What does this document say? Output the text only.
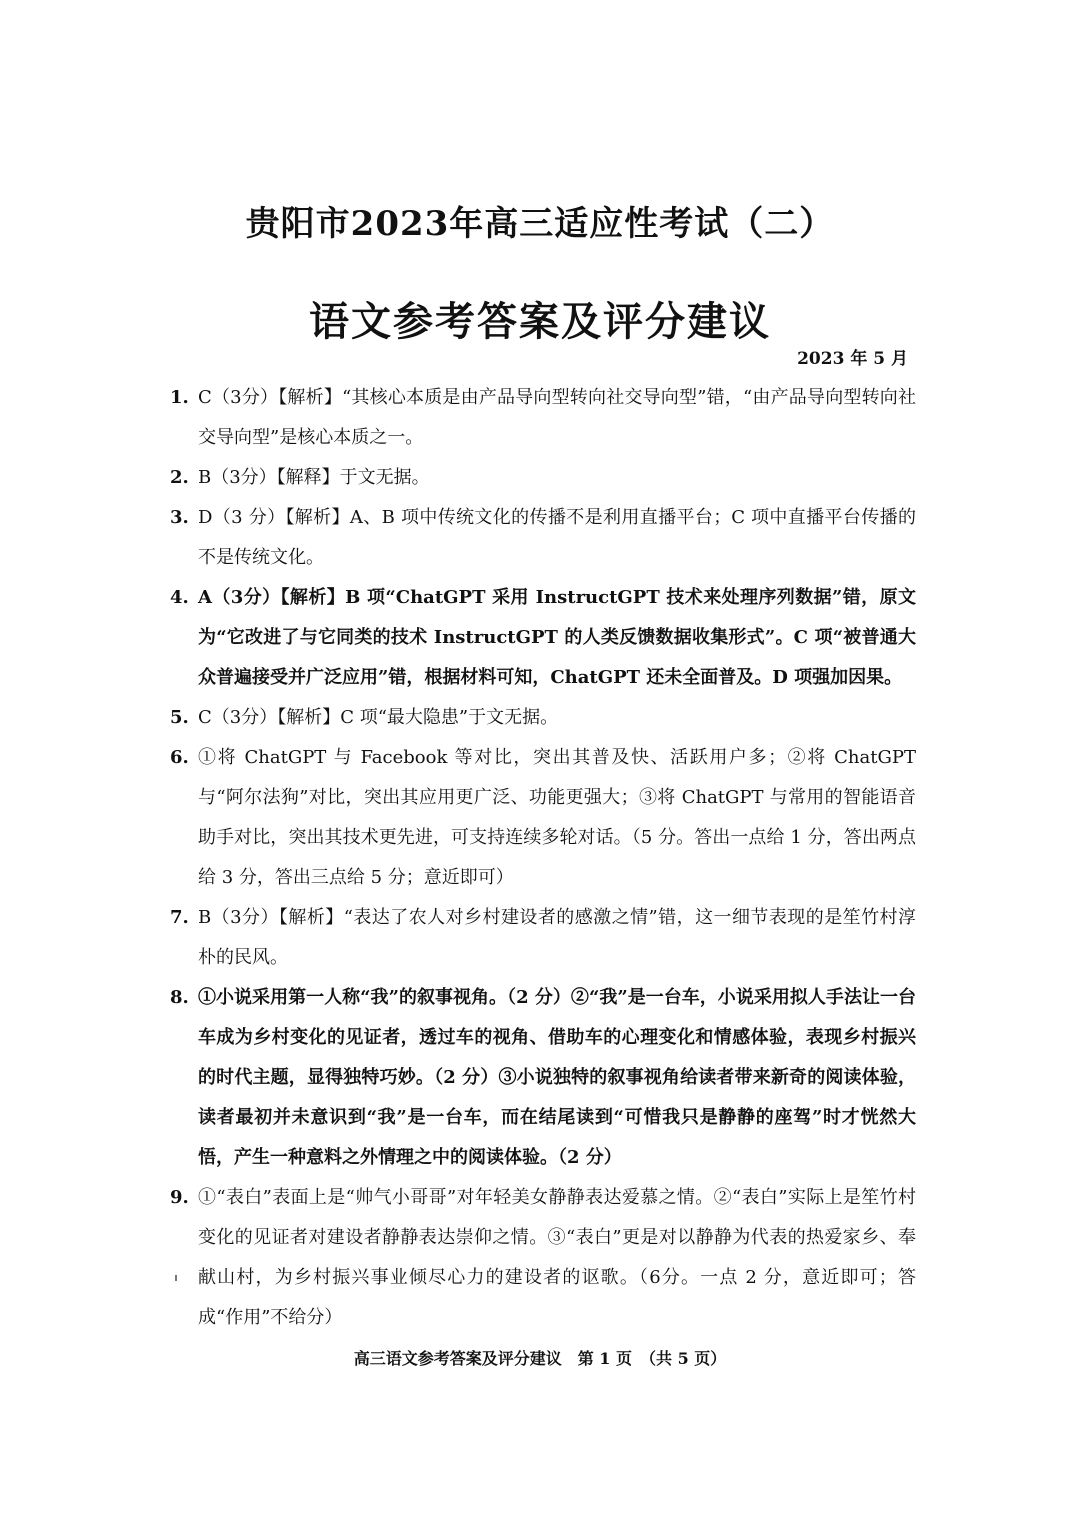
贵阳市2023年高三适应性考试（二）
语文参考答案及评分建议
2023 年 5 月
1. C（3分）【解析】“其核心本质是由产品导向型转向社交导向型”错，“由产品导向型转向社交导向型”是核心本质之一。
2. B（3分）【解释】于文无据。
3. D（3 分）【解析】A、B 项中传统文化的传播不是利用直播平台；C 项中直播平台传播的不是传统文化。
4. A（3分）【解析】B 项“ChatGPT 采用 InstructGPT 技术来处理序列数据”错，原文为“它改进了与它同类的技术 InstructGPT 的人类反馈数据收集形式”。C 项“被普通大众普遍接受并广泛应用”错，根据材料可知，ChatGPT 还未全面普及。D 项强加因果。
5. C（3分）【解析】C 项“最大隐患”于文无据。
6. ①将 ChatGPT 与 Facebook 等对比，突出其普及快、活跃用户多；②将 ChatGPT 与“阿尔法狗”对比，突出其应用更广泛、功能更强大；③将 ChatGPT 与常用的智能语音助手对比，突出其技术更先进，可支持连续多轮对话。（5 分。答出一点给 1 分，答出两点给 3 分，答出三点给 5 分；意近即可）
7. B（3分）【解析】“表达了农人对乡村建设者的感激之情”错，这一细节表现的是笙竹村淳朴的民风。
8. ①小说采用第一人称“我”的叙事视角。（2 分）②“我”是一台车，小说采用拟人手法让一台车成为乡村变化的见证者，透过车的视角、借助车的心理变化和情感体验，表现乡村振兴的时代主题，显得独特巧妙。（2 分）③小说独特的叙事视角给读者带来新奇的阅读体验，读者最初并未意识到“我”是一台车，而在结尾读到“可惜我只是静静的座驾”时才恍然大悟，产生一种意料之外情理之中的阅读体验。（2 分）
9. ①“表白”表面上是“帅气小哥哥”对年轻美女静静表达爱慕之情。②“表白”实际上是笙竹村变化的见证者对建设者静静表达崇仰之情。③“表白”更是对以静静为代表的热爱家乡、奉献山村，为乡村振兴事业倾尽心力的建设者的讴歌。（6分。一点 2 分，意近即可；答成“作用”不给分）
高三语文参考答案及评分建议　第 1 页　（共 5 页）
